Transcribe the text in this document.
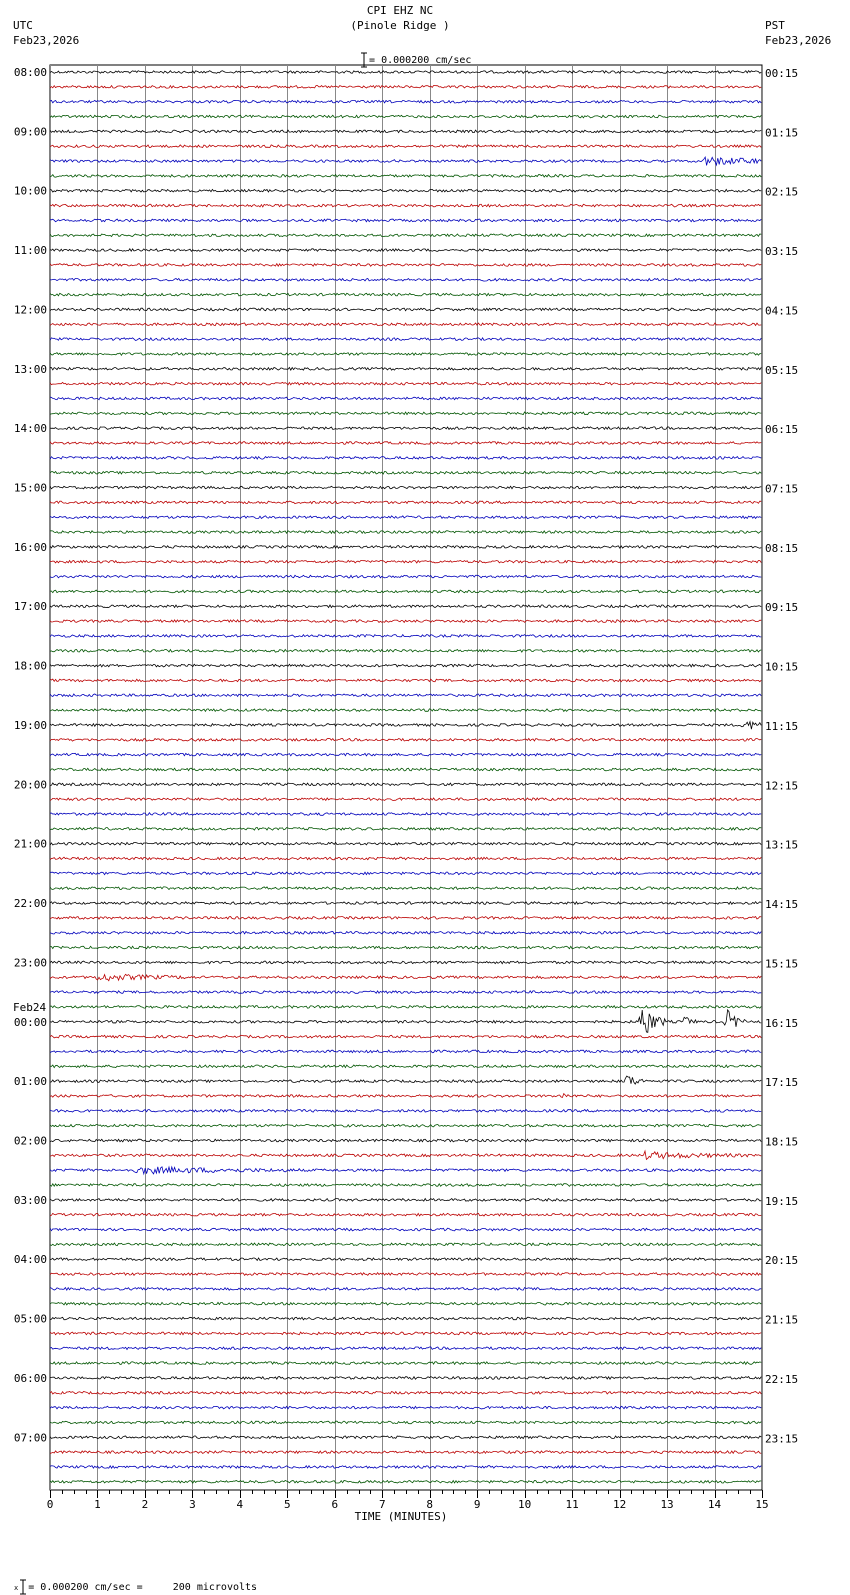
CPI EHZ NC
(Pinole Ridge )
UTC
Feb23,2026
PST
Feb23,2026

= 0.000200 cm/sec

x = 0.000200 cm/sec =     200 microvolts

0	1	2	3	4	5	6	7	8	9	10	11	12	13	14	15
TIME (MINUTES)
08:00
09:00
10:00
11:00
12:00
13:00
14:00
15:00
16:00
17:00
18:00
19:00
20:00
21:00
22:00
23:00
00:00
Feb24
01:00
02:00
03:00
04:00
05:00
06:00
07:00
00:15
01:15
02:15
03:15
04:15
05:15
06:15
07:15
08:15
09:15
10:15
11:15
12:15
13:15
14:15
15:15
16:15
17:15
18:15
19:15
20:15
21:15
22:15
23:15
